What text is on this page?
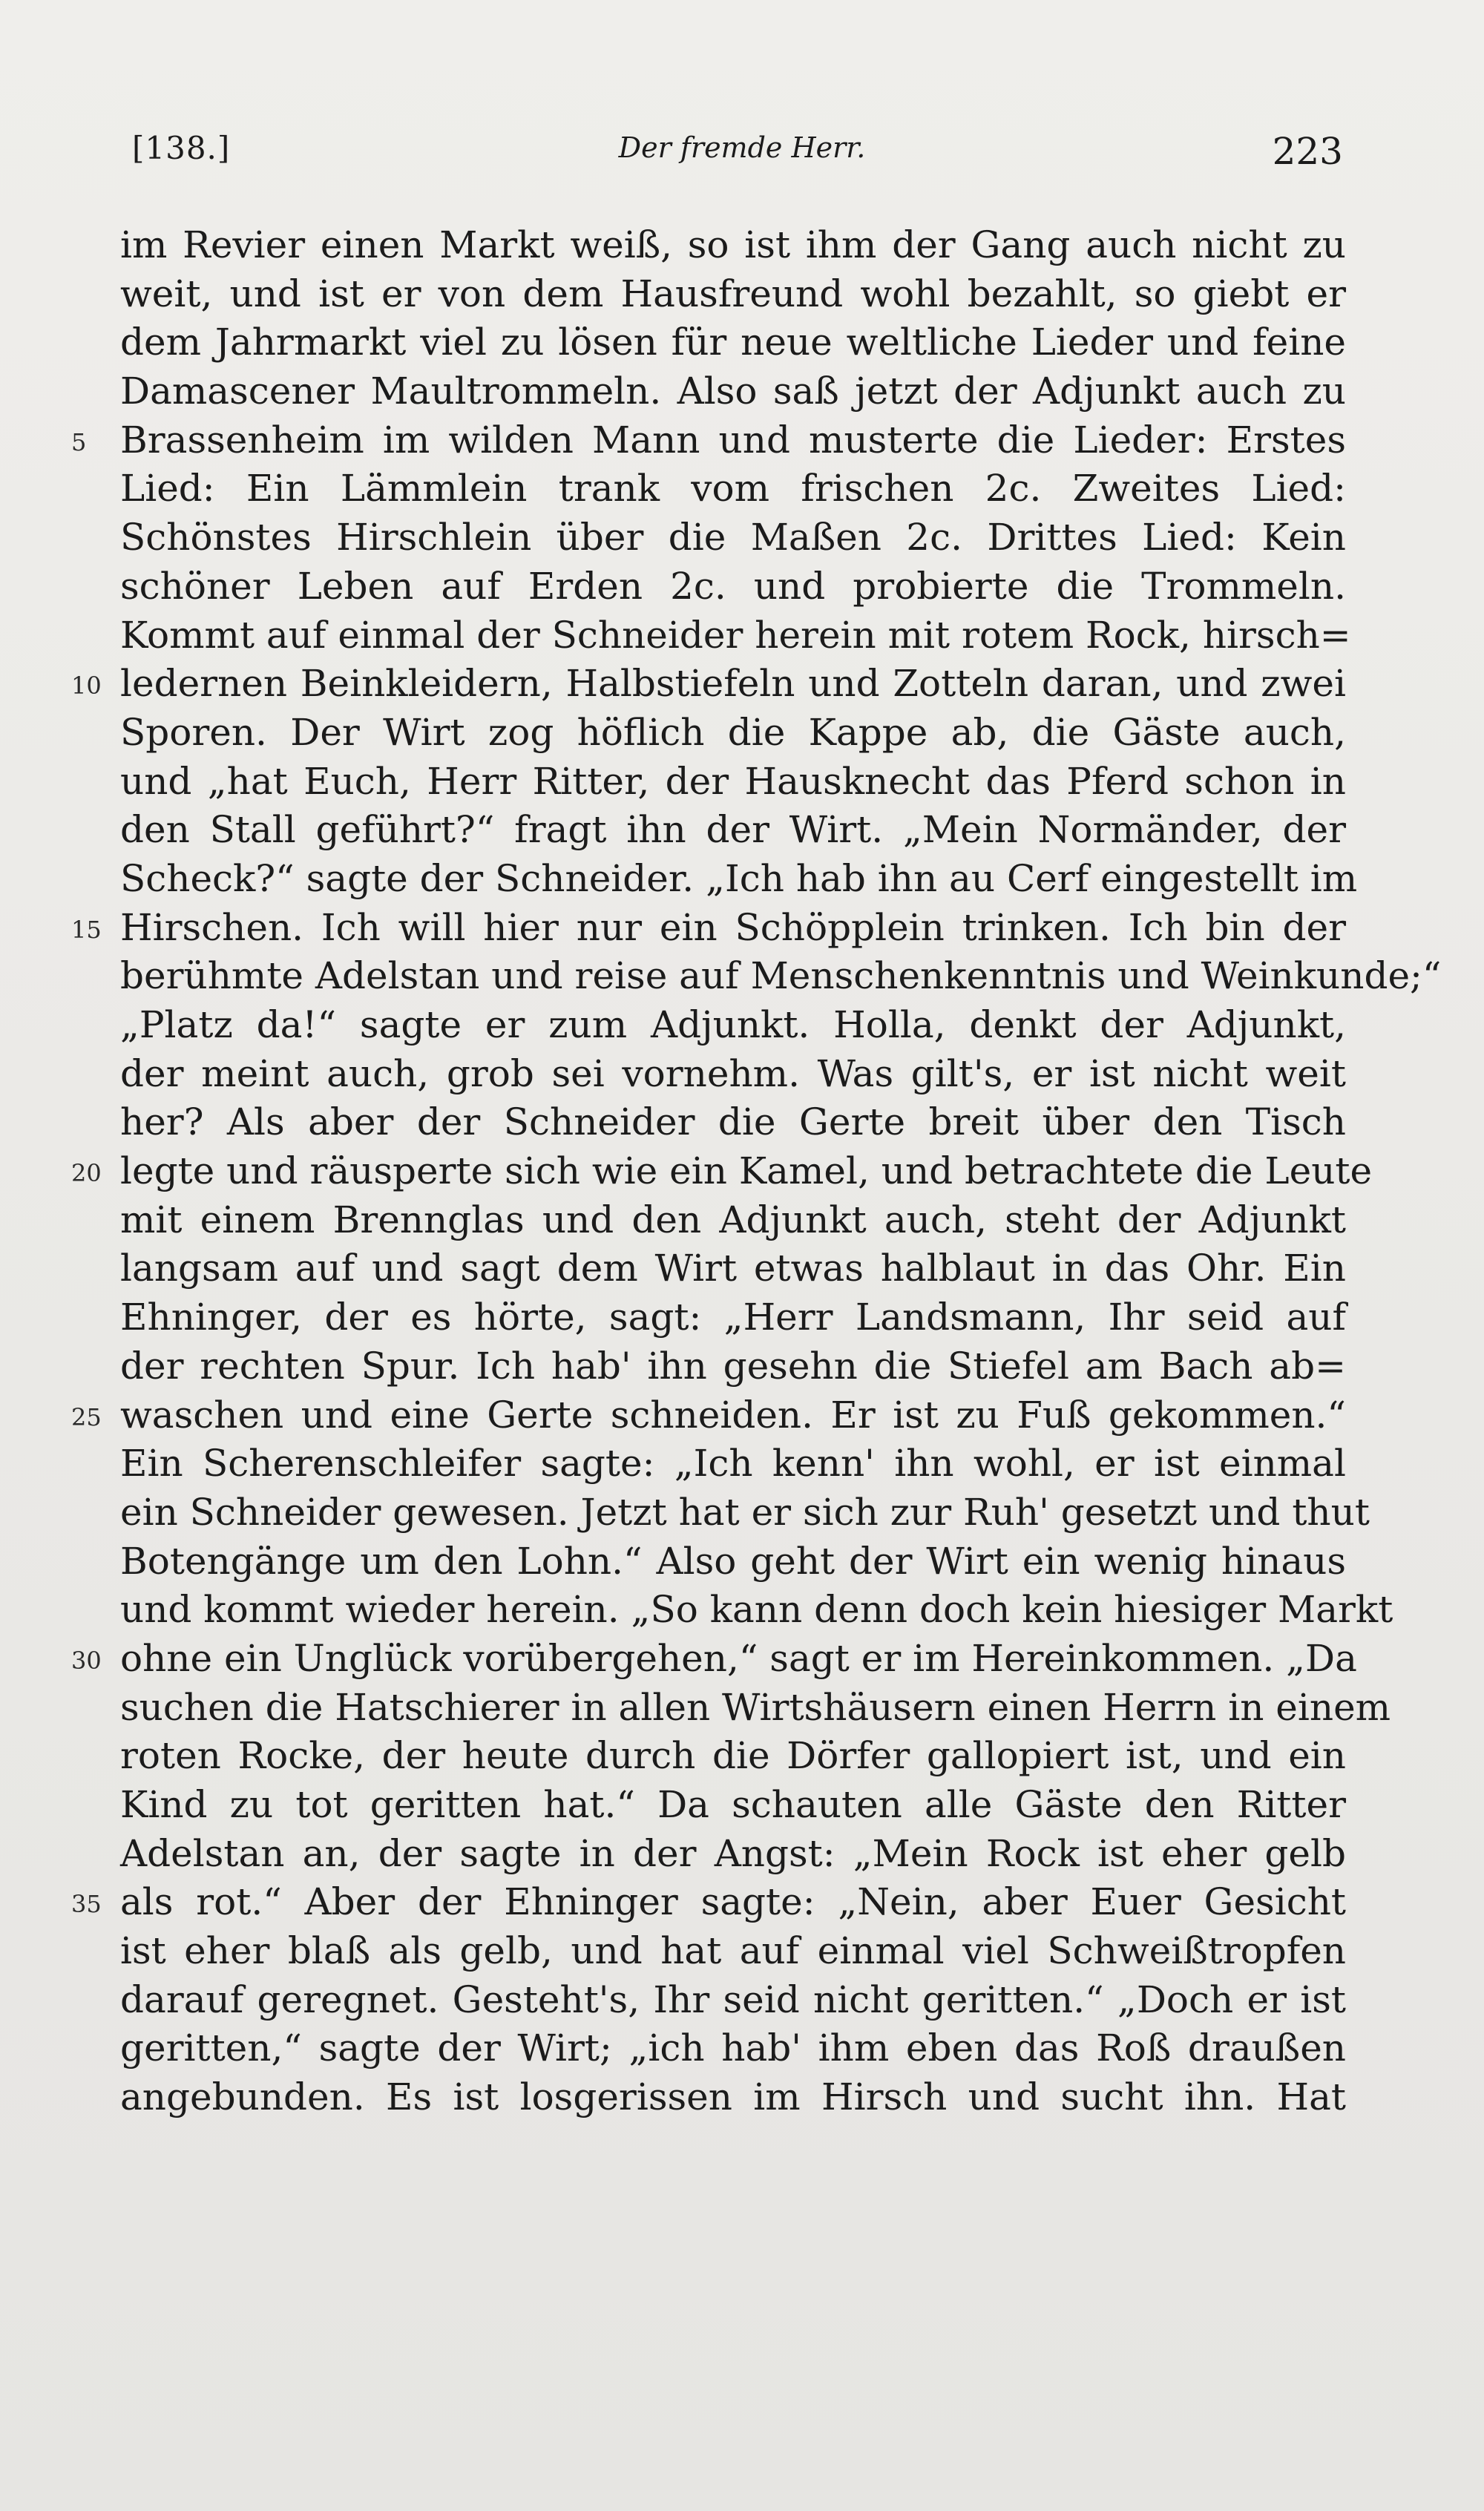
[138.]	Der fremde Herr.	223
im Revier einen Markt weiß, so ist ihm der Gang auch nicht zu
weit, und ist er von dem Hausfreund wohl bezahlt, so giebt er
dem Jahrmarkt viel zu lösen für neue weltliche Lieder und feine
Damascener Maultrommeln. Also saß jetzt der Adjunkt auch zu
5 Brassenheim im wilden Mann und musterte die Lieder: Erstes
Lied: Ein Lämmlein trank vom frischen 2c. Zweites Lied:
Schönstes Hirschlein über die Maßen 2c. Drittes Lied: Kein
schöner Leben auf Erden 2c. und probierte die Trommeln.
Kommt auf einmal der Schneider herein mit rotem Rock, hirsch=
10 ledernen Beinkleidern, Halbstiefeln und Zotteln daran, und zwei
Sporen. Der Wirt zog höflich die Kappe ab, die Gäste auch,
und „hat Euch, Herr Ritter, der Hausknecht das Pferd schon in
den Stall geführt?“ fragt ihn der Wirt. „Mein Normänder, der
Scheck?“ sagte der Schneider. „Ich hab ihn au Cerf eingestellt im
15 Hirschen. Ich will hier nur ein Schöpplein trinken. Ich bin der
berühmte Adelstan und reise auf Menschenkenntnis und Weinkunde;“
„Platz da!“ sagte er zum Adjunkt. Holla, denkt der Adjunkt,
der meint auch, grob sei vornehm. Was gilt's, er ist nicht weit
her? Als aber der Schneider die Gerte breit über den Tisch
20 legte und räusperte sich wie ein Kamel, und betrachtete die Leute
mit einem Brennglas und den Adjunkt auch, steht der Adjunkt
langsam auf und sagt dem Wirt etwas halblaut in das Ohr. Ein
Ehninger, der es hörte, sagt: „Herr Landsmann, Ihr seid auf
der rechten Spur. Ich hab' ihn gesehn die Stiefel am Bach ab=
25 waschen und eine Gerte schneiden. Er ist zu Fuß gekommen.“
Ein Scherenschleifer sagte: „Ich kenn' ihn wohl, er ist einmal
ein Schneider gewesen. Jetzt hat er sich zur Ruh' gesetzt und thut
Botengänge um den Lohn.“ Also geht der Wirt ein wenig hinaus
und kommt wieder herein. „So kann denn doch kein hiesiger Markt
30 ohne ein Unglück vorübergehen,“ sagt er im Hereinkommen. „Da
suchen die Hatschierer in allen Wirtshäusern einen Herrn in einem
roten Rocke, der heute durch die Dörfer gallopiert ist, und ein
Kind zu tot geritten hat.“ Da schauten alle Gäste den Ritter
Adelstan an, der sagte in der Angst: „Mein Rock ist eher gelb
35 als rot.“ Aber der Ehninger sagte: „Nein, aber Euer Gesicht
ist eher blaß als gelb, und hat auf einmal viel Schweißtropfen
darauf geregnet. Gesteht's, Ihr seid nicht geritten.“ „Doch er ist
geritten,“ sagte der Wirt; „ich hab' ihm eben das Roß draußen
angebunden. Es ist losgerissen im Hirsch und sucht ihn. Hat
